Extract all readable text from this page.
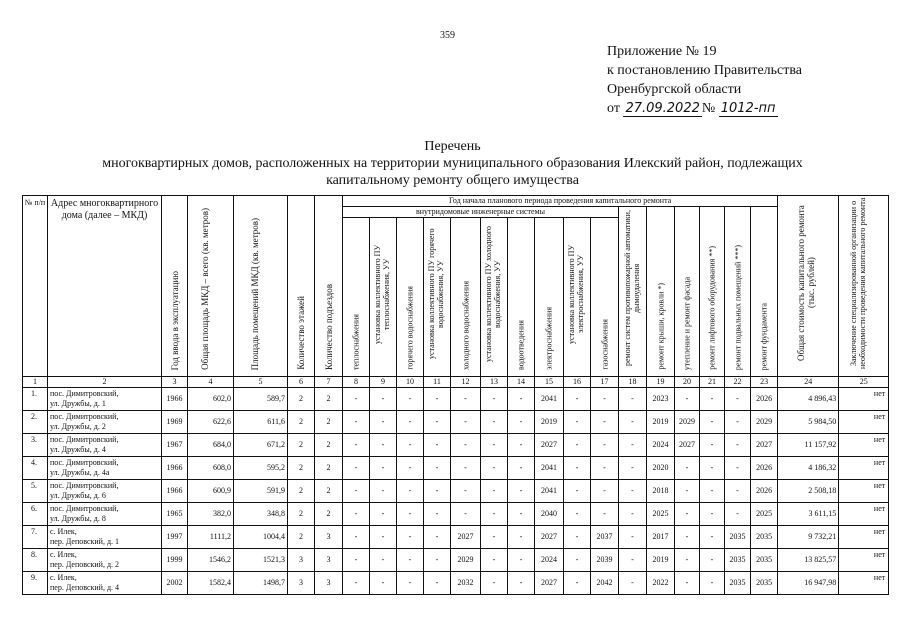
359
Приложение № 19
к постановлению Правительства
Оренбургской области
от 27.09.2022 № 1012-пп
Перечень
многоквартирных домов, расположенных на территории муниципального образования Илекский район, подлежащих
капитальному ремонту общего имущества
№ п/п	Адрес многоквартирного дома (далее – МКД)	Год ввода в эксплуатацию	Общая площадь МКД – всего (кв. метров)	Площадь помещений МКД (кв. метров)	Количество этажей	Количество подъездов	Год начала планового периода проведения капитального ремонта																Общая стоимость капитального ремонта (тыс. рублей)	Заключение специализированной организации о необходимости проведения капитального ремонта

							внутридомовые инженерные системы										ремонт систем противопожарной автоматики, дымоудаления	ремонт крыши, кровли *)	утепление и ремонт фасада	ремонт лифтового оборудования **)	ремонт подвальных помещений ***)	ремонт фундамента		

							теплоснабжения	установка коллективного ПУ теплоснабжения, УУ	горячего водоснабжения	установка коллективного ПУ горячего водоснабжения, УУ	холодного водоснабжения	установка коллективного ПУ холодного водоснабжения, УУ	водоотведения	электроснабжения	установка коллективного ПУ электроснабжения, УУ	газоснабжения								

1	2	3	4	5	6	7	8	9	10	11	12	13	14	15	16	17	18	19	20	21	22	23	24	25
1.	пос. Димитровский,
ул. Дружбы, д. 1	1966	602,0	589,7	2	2	-	-	-	-	-	-	-	2041	-	-	-	2023	-	-	-	2026	4 896,43	нет
2.	пос. Димитровский,
ул. Дружбы, д. 2	1969	622,6	611,6	2	2	-	-	-	-	-	-	-	2019	-	-	-	2019	2029	-	-	2029	5 984,50	нет
3.	пос. Димитровский,
ул. Дружбы, д. 4	1967	684,0	671,2	2	2	-	-	-	-	-	-	-	2027	-	-	-	2024	2027	-	-	2027	11 157,92	нет
4.	пос. Димитровский,
ул. Дружбы, д. 4а	1966	608,0	595,2	2	2	-	-	-	-	-	-	-	2041	-	-	-	2020	-	-	-	2026	4 186,32	нет
5.	пос. Димитровский,
ул. Дружбы, д. 6	1966	600,9	591,9	2	2	-	-	-	-	-	-	-	2041	-	-	-	2018	-	-	-	2026	2 508,18	нет
6.	пос. Димитровский,
ул. Дружбы, д. 8	1965	382,0	348,8	2	2	-	-	-	-	-	-	-	2040	-	-	-	2025	-	-	-	2025	3 611,15	нет
7.	с. Илек,
пер. Деповский, д. 1	1997	1111,2	1004,4	2	3	-	-	-	-	2027	-	-	2027	-	2037	-	2017	-	-	2035	2035	9 732,21	нет
8.	с. Илек,
пер. Деповский, д. 2	1999	1546,2	1521,3	3	3	-	-	-	-	2029	-	-	2024	-	2039	-	2019	-	-	2035	2035	13 825,57	нет
9.	с. Илек,
пер. Деповский, д. 4	2002	1582,4	1498,7	3	3	-	-	-	-	2032	-	-	2027	-	2042	-	2022	-	-	2035	2035	16 947,98	нет
